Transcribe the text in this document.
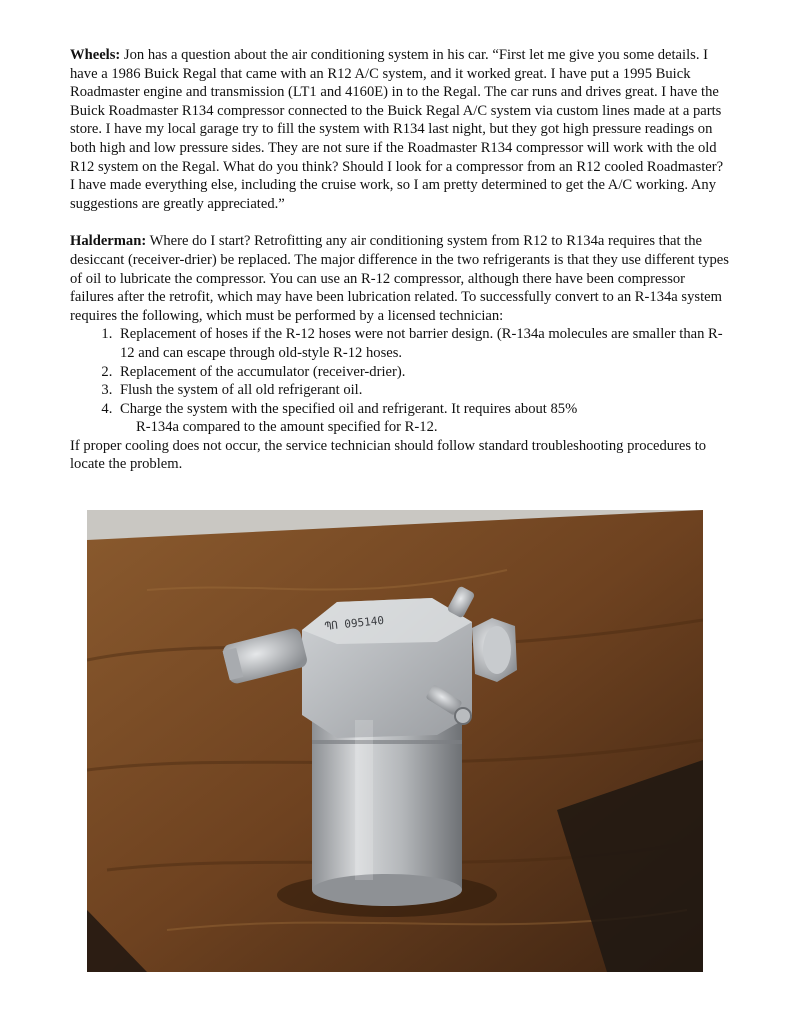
Wheels: Jon has a question about the air conditioning system in his car. “First let me give you some details. I have a 1986 Buick Regal that came with an R12 A/C system, and it worked great. I have put a 1995 Buick Roadmaster engine and transmission (LT1 and 4160E) in to the Regal. The car runs and drives great. I have the Buick Roadmaster R134 compressor connected to the Buick Regal A/C system via custom lines made at a parts store. I have my local garage try to fill the system with R134 last night, but they got high pressure readings on both high and low pressure sides. They are not sure if the Roadmaster R134 compressor will work with the old R12 system on the Regal. What do you think? Should I look for a compressor from an R12 cooled Roadmaster? I have made everything else, including the cruise work, so I am pretty determined to get the A/C working. Any suggestions are greatly appreciated.”

Halderman: Where do I start? Retrofitting any air conditioning system from R12 to R134a requires that the desiccant (receiver-drier) be replaced. The major difference in the two refrigerants is that they use different types of oil to lubricate the compressor. You can use an R-12 compressor, although there have been compressor failures after the retrofit, which may have been lubrication related. To successfully convert to an R-134a system requires the following, which must be performed by a licensed technician:

1. Replacement of hoses if the R-12 hoses were not barrier design. (R-134a molecules are smaller than R-12 and can escape through old-style R-12 hoses.
2. Replacement of the accumulator (receiver-drier).
3. Flush the system of all old refrigerant oil.
4. Charge the system with the specified oil and refrigerant. It requires about 85%
R-134a compared to the amount specified for R-12.

If proper cooling does not occur, the service technician should follow standard troubleshooting procedures to locate the problem.

ՊՈ 095140
